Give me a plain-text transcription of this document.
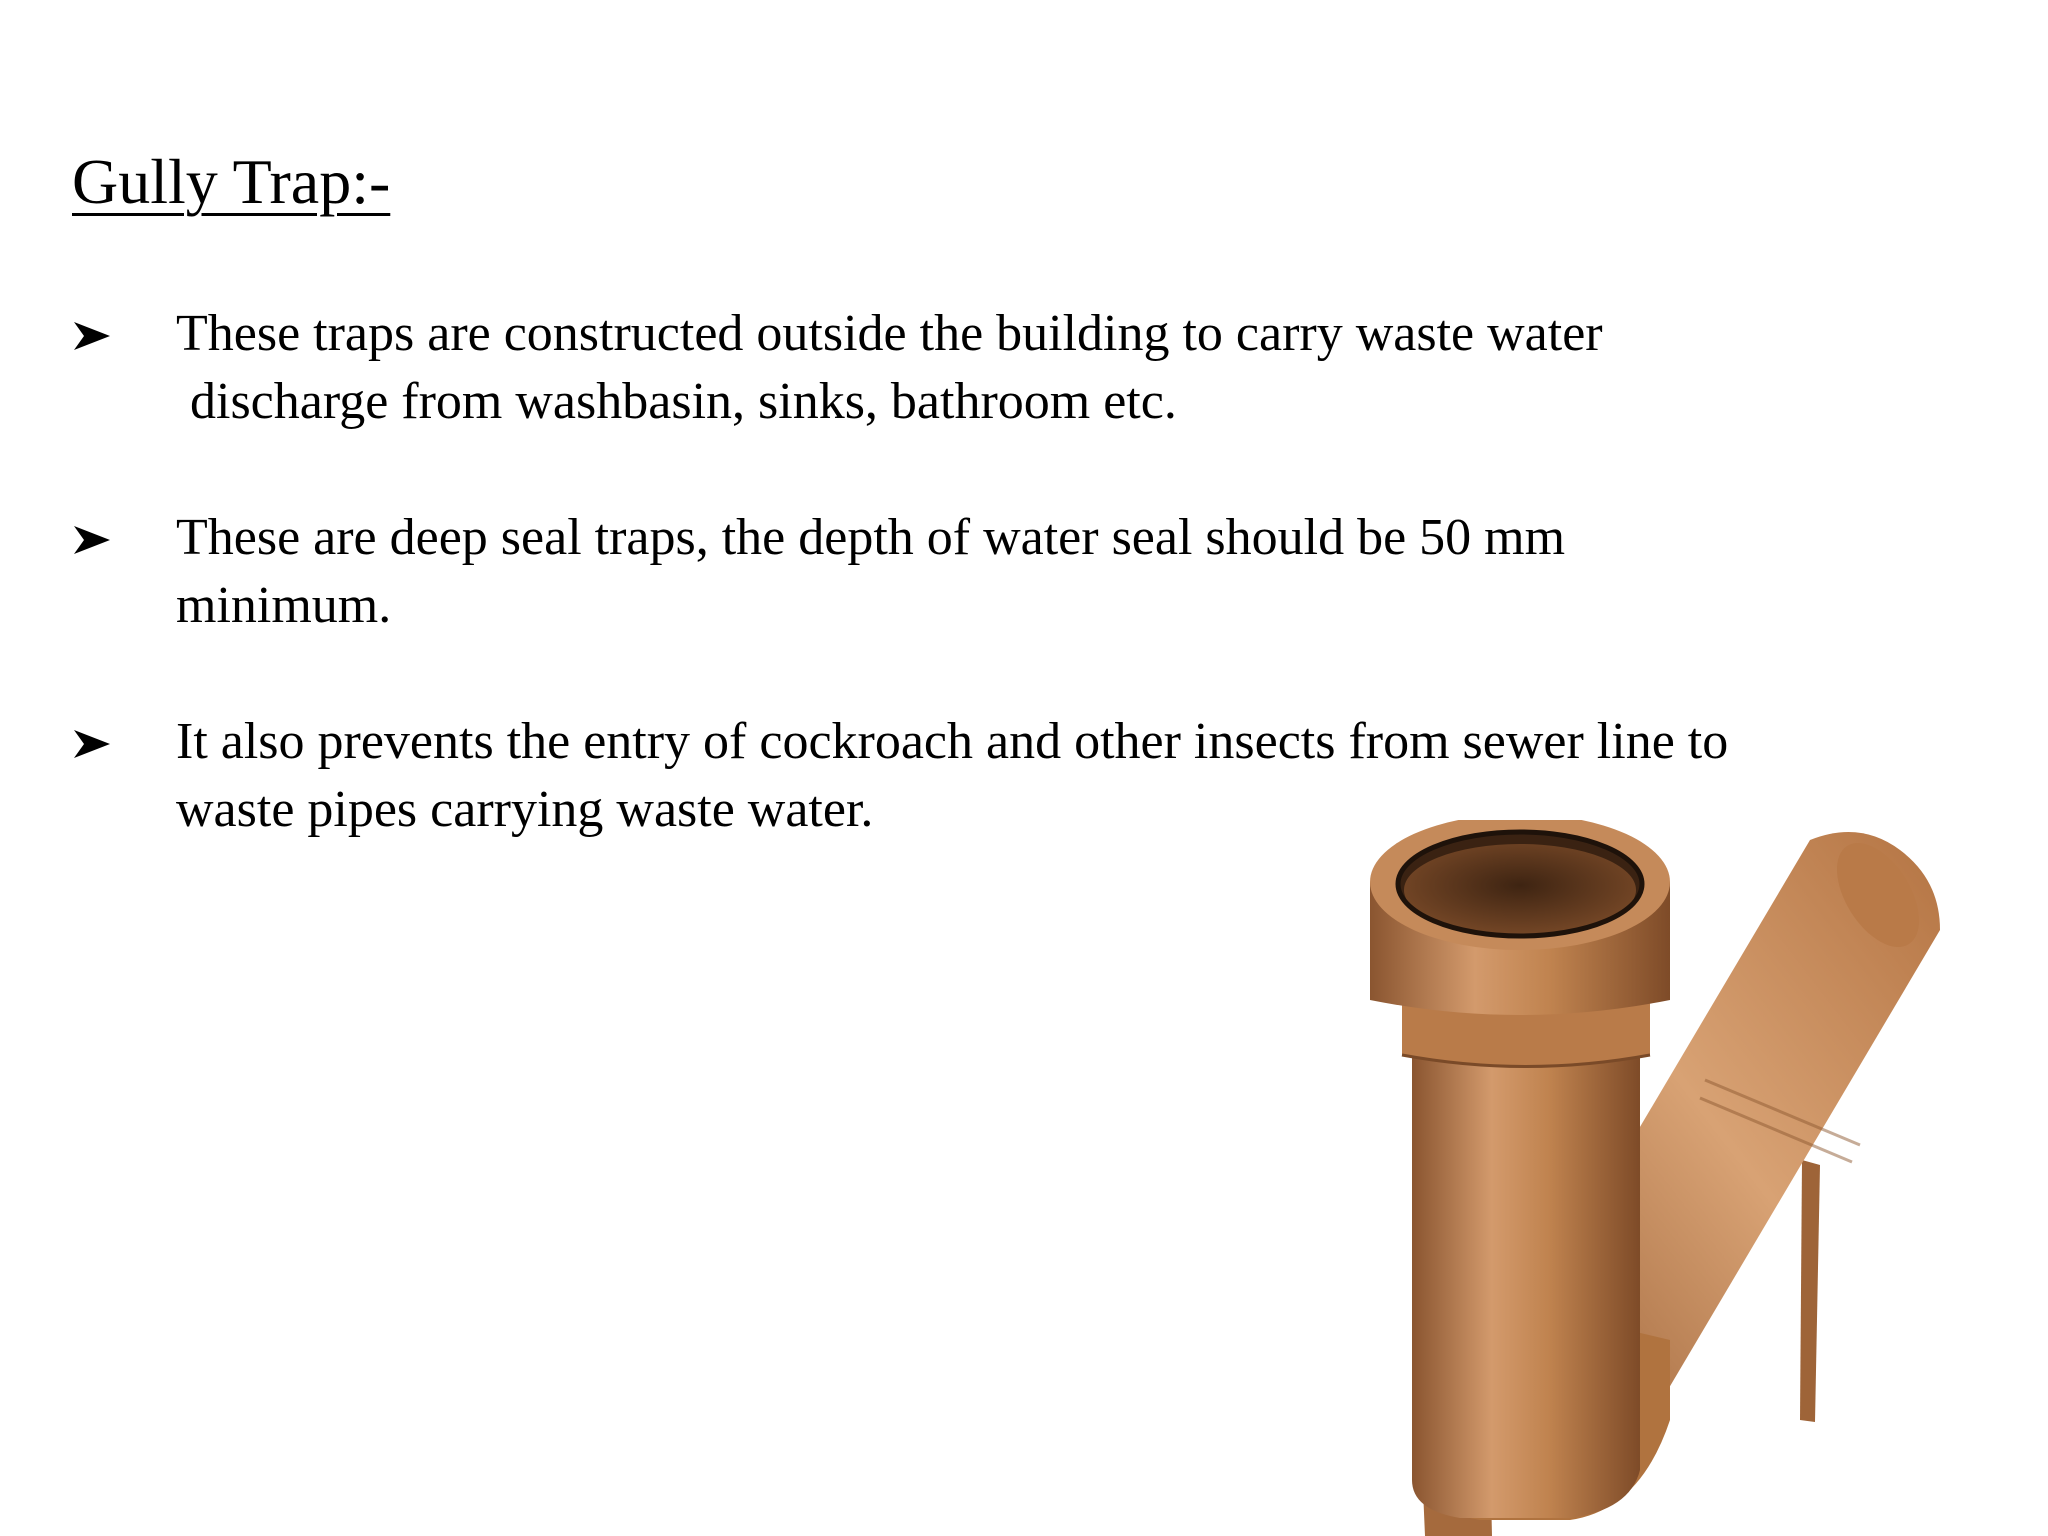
Gully Trap:-
These traps are constructed outside the building to carry waste water
discharge from washbasin, sinks, bathroom etc.
These are deep seal traps, the depth of water seal should be 50 mm
minimum.
It also prevents the entry of cockroach and other insects from sewer line to
waste pipes carrying waste water.
